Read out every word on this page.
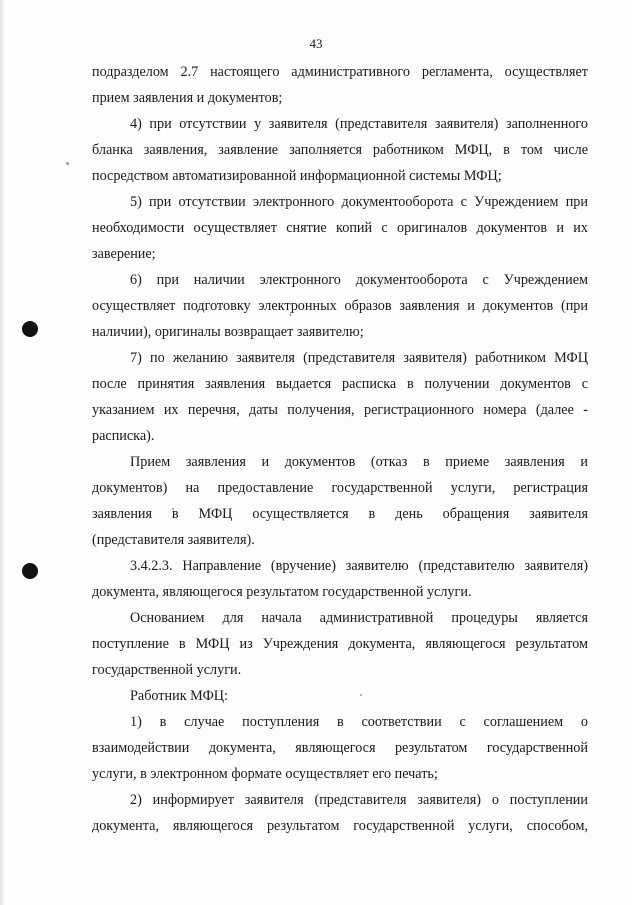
43
подразделом 2.7 настоящего административного регламента, осуществляет
прием заявления и документов;
4) при отсутствии у заявителя (представителя заявителя) заполненного
бланка заявления, заявление заполняется работником МФЦ, в том числе
посредством автоматизированной информационной системы МФЦ;
5) при отсутствии электронного документооборота с Учреждением при
необходимости осуществляет снятие копий с оригиналов документов и их
заверение;
6) при наличии электронного документооборота с Учреждением
осуществляет подготовку электронных образов заявления и документов (при
наличии), оригиналы возвращает заявителю;
7) по желанию заявителя (представителя заявителя) работником МФЦ
после принятия заявления выдается расписка в получении документов с
указанием их перечня, даты получения, регистрационного номера (далее -
расписка).
Прием заявления и документов (отказ в приеме заявления и
документов) на предоставление государственной услуги, регистрация
заявления в МФЦ осуществляется в день обращения заявителя
(представителя заявителя).
3.4.2.3. Направление (вручение) заявителю (представителю заявителя)
документа, являющегося результатом государственной услуги.
Основанием для начала административной процедуры является
поступление в МФЦ из Учреждения документа, являющегося результатом
государственной услуги.
Работник МФЦ:
1) в случае поступления в соответствии с соглашением о
взаимодействии документа, являющегося результатом государственной
услуги, в электронном формате осуществляет его печать;
2) информирует заявителя (представителя заявителя) о поступлении
документа, являющегося результатом государственной услуги, способом,
